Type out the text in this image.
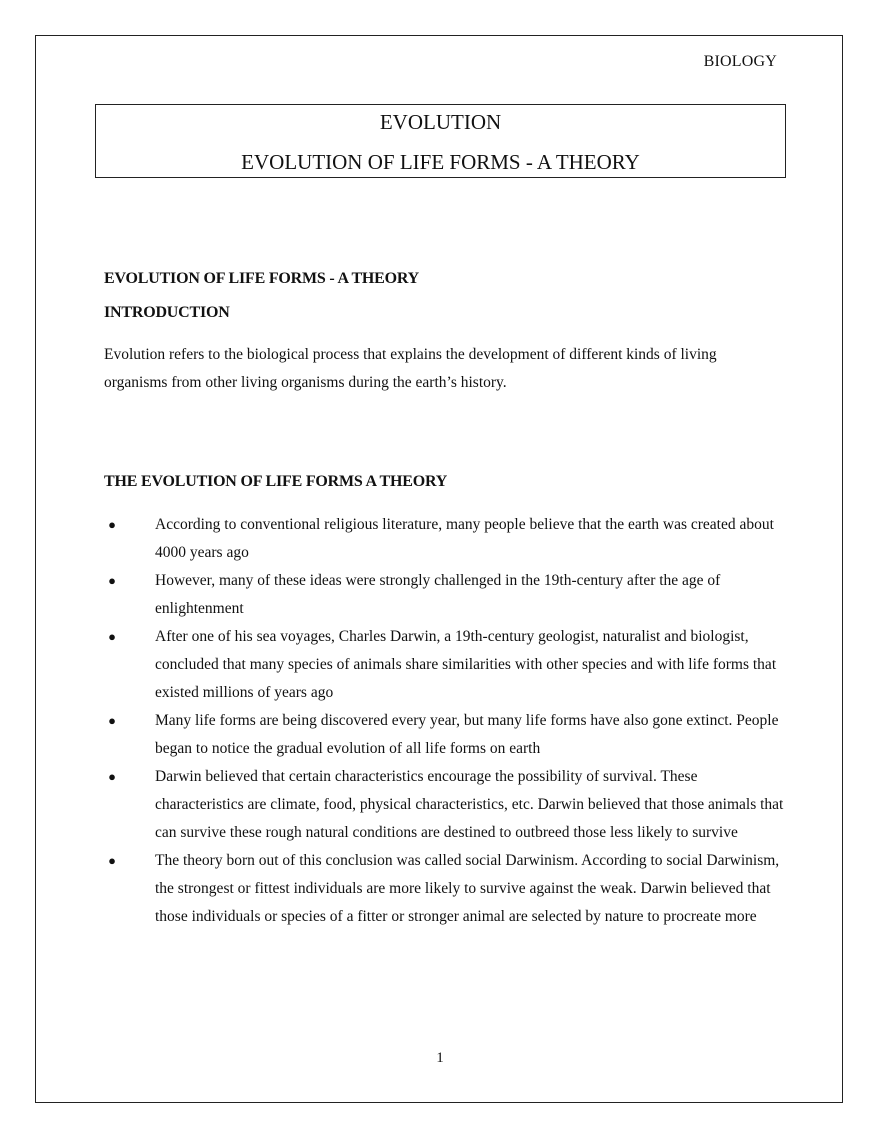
BIOLOGY
EVOLUTION
EVOLUTION OF LIFE FORMS - A THEORY
EVOLUTION OF LIFE FORMS - A THEORY
INTRODUCTION
Evolution refers to the biological process that explains the development of different kinds of living
organisms from other living organisms during the earth’s history.
THE EVOLUTION OF LIFE FORMS A THEORY
●	According to conventional religious literature, many people believe that the earth was created about 4000 years ago
●	However, many of these ideas were strongly challenged in the 19th-century after the age of enlightenment
●	After one of his sea voyages, Charles Darwin, a 19th-century geologist, naturalist and biologist, concluded that many species of animals share similarities with other species and with life forms that existed millions of years ago
●	Many life forms are being discovered every year, but many life forms have also gone extinct. People began to notice the gradual evolution of all life forms on earth
●	Darwin believed that certain characteristics encourage the possibility of survival. These characteristics are climate, food, physical characteristics, etc. Darwin believed that those animals that can survive these rough natural conditions are destined to outbreed those less likely to survive
●	The theory born out of this conclusion was called social Darwinism. According to social Darwinism, the strongest or fittest individuals are more likely to survive against the weak. Darwin believed that those individuals or species of a fitter or stronger animal are selected by nature to procreate more
1
